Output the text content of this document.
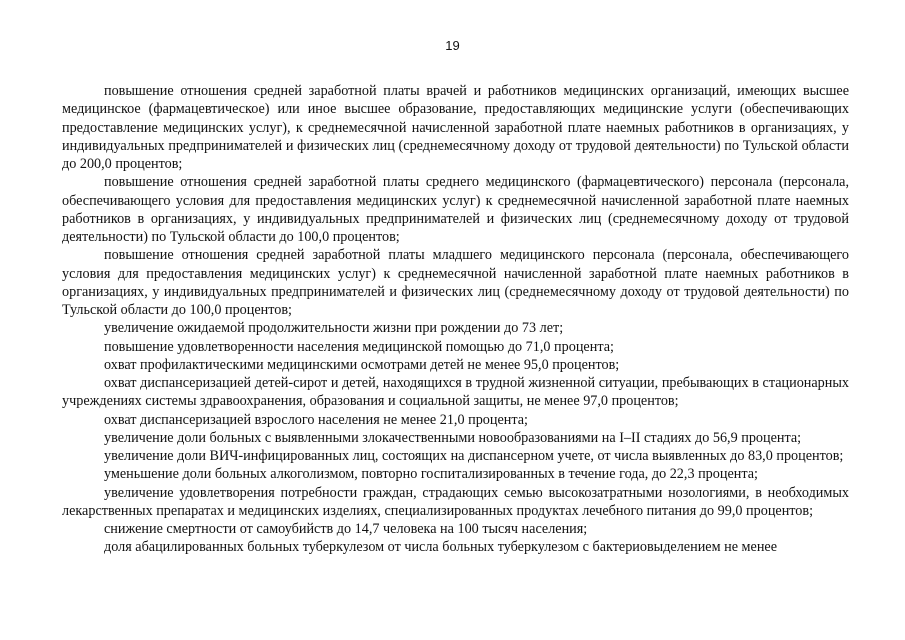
19

повышение отношения средней заработной платы врачей и работников медицинских организаций, имеющих высшее медицинское (фармацевтическое) или иное высшее образование, предоставляющих медицинские услуги (обеспечивающих предоставление медицинских услуг), к среднемесячной начисленной заработной плате наемных работников в организациях, у индивидуальных предпринимателей и физических лиц (среднемесячному доходу от трудовой деятельности) по Тульской области до 200,0 процентов;

повышение отношения средней заработной платы среднего медицинского (фармацевтического) персонала (персонала, обеспечивающего условия для предоставления медицинских услуг) к среднемесячной начисленной заработной плате наемных работников в организациях, у индивидуальных предпринимателей и физических лиц (среднемесячному доходу от трудовой деятельности) по Тульской области до 100,0 процентов;

повышение отношения средней заработной платы младшего медицинского персонала (персонала, обеспечивающего условия для предоставления медицинских услуг) к среднемесячной начисленной заработной плате наемных работников в организациях, у индивидуальных предпринимателей и физических лиц (среднемесячному доходу от трудовой деятельности) по Тульской области до 100,0 процентов;

увеличение ожидаемой продолжительности жизни при рождении до 73 лет;

повышение удовлетворенности населения медицинской помощью до 71,0 процента;

охват профилактическими медицинскими осмотрами детей не менее 95,0 процентов;

охват диспансеризацией детей-сирот и детей, находящихся в трудной жизненной ситуации, пребывающих в стационарных учреждениях системы здравоохранения, образования и социальной защиты, не менее 97,0 процентов;

охват диспансеризацией взрослого населения не менее 21,0 процента;

увеличение доли больных с выявленными злокачественными новообразованиями на I–II стадиях до 56,9 процента;

увеличение доли ВИЧ-инфицированных лиц, состоящих на диспансерном учете, от числа выявленных до 83,0 процентов;

уменьшение доли больных алкоголизмом, повторно госпитализированных в течение года, до 22,3 процента;

увеличение удовлетворения потребности граждан, страдающих семью высокозатратными нозологиями, в необходимых лекарственных препаратах и медицинских изделиях, специализированных продуктах лечебного питания до 99,0 процентов;

снижение смертности от самоубийств до 14,7 человека на 100 тысяч населения;

доля абацилированных больных туберкулезом от числа больных туберкулезом с бактериовыделением не менее
